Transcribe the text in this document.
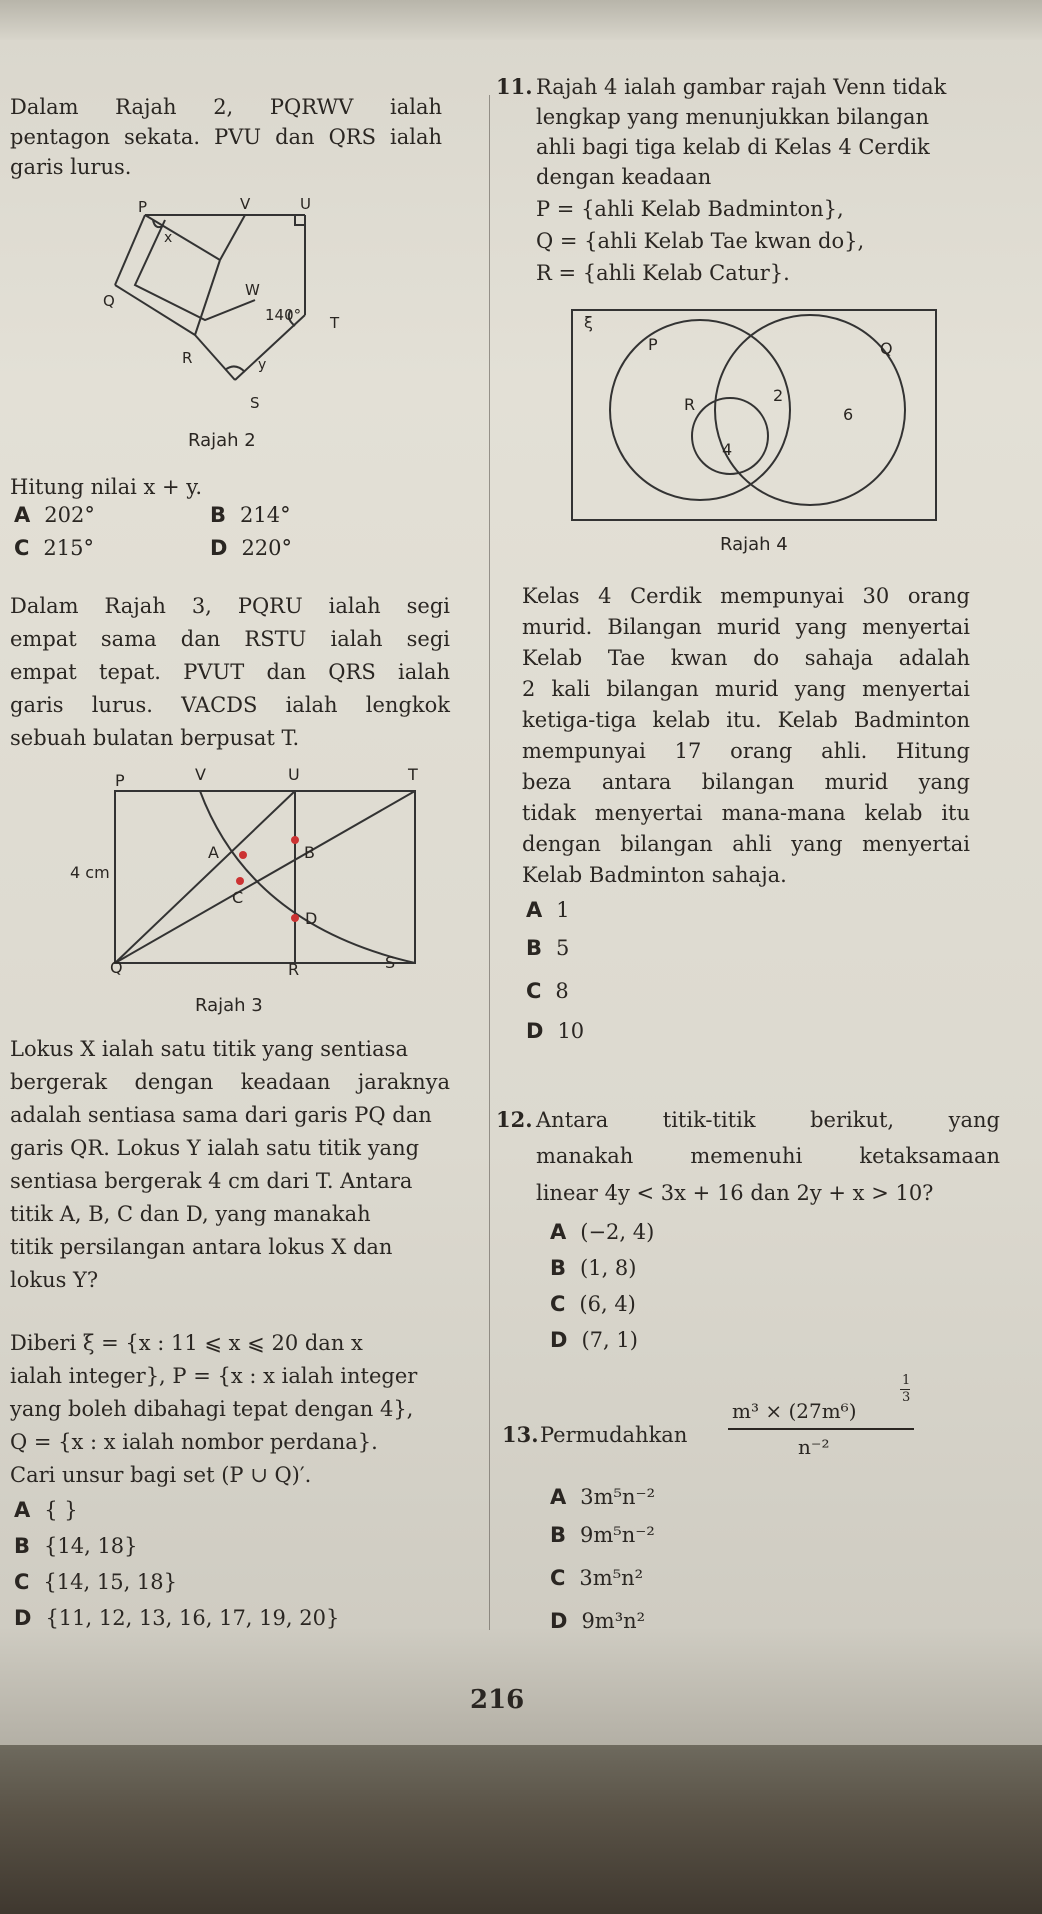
Dalam Rajah 2, PQRWV ialah
pentagon sekata. PVU dan QRS ialah
garis lurus.
P	V	U
x
Q
W
140° T
R	y
S
Rajah 2
Hitung nilai x + y.
A 202°	B 214°
C 215°	D 220°
Dalam Rajah 3, PQRU ialah segi
empat sama dan RSTU ialah segi
empat tepat. PVUT dan QRS ialah
garis lurus. VACDS ialah lengkok
sebuah bulatan berpusat T.
P	V	U	T
A	B
4 cm
C
D
Q	R	S
Rajah 3
Lokus X ialah satu titik yang sentiasa
bergerak dengan keadaan jaraknya
adalah sentiasa sama dari garis PQ dan
garis QR. Lokus Y ialah satu titik yang
sentiasa bergerak 4 cm dari T. Antara
titik A, B, C dan D, yang manakah
titik persilangan antara lokus X dan
lokus Y?
Diberi ξ = {x : 11 ⩽ x ⩽ 20 dan x
ialah integer}, P = {x : x ialah integer
yang boleh dibahagi tepat dengan 4},
Q = {x : x ialah nombor perdana}.
Cari unsur bagi set (P ∪ Q)′.
A { }
B {14, 18}
C {14, 15, 18}
D {11, 12, 13, 16, 17, 19, 20}
11. Rajah 4 ialah gambar rajah Venn tidak
lengkap yang menunjukkan bilangan
ahli bagi tiga kelab di Kelas 4 Cerdik
dengan keadaan
P = {ahli Kelab Badminton},
Q = {ahli Kelab Tae kwan do},
R = {ahli Kelab Catur}.
ξ
P	Q
R	2
6
4
Rajah 4
Kelas 4 Cerdik mempunyai 30 orang
murid. Bilangan murid yang menyertai
Kelab Tae kwan do sahaja adalah
2 kali bilangan murid yang menyertai
ketiga-tiga kelab itu. Kelab Badminton
mempunyai 17 orang ahli. Hitung
beza antara bilangan murid yang
tidak menyertai mana-mana kelab itu
dengan bilangan ahli yang menyertai
Kelab Badminton sahaja.
A 1
B 5
C 8
D 10
12. Antara titik-titik berikut, yang
manakah memenuhi ketaksamaan
linear 4y < 3x + 16 dan 2y + x > 10?
A (−2, 4)
B (1, 8)
C (6, 4)
D (7, 1)
13. Permudahkan
m³ × (27m⁶)
1
3
n⁻²
A 3m⁵n⁻²
B 9m⁵n⁻²
C 3m⁵n²
D 9m³n²
216
